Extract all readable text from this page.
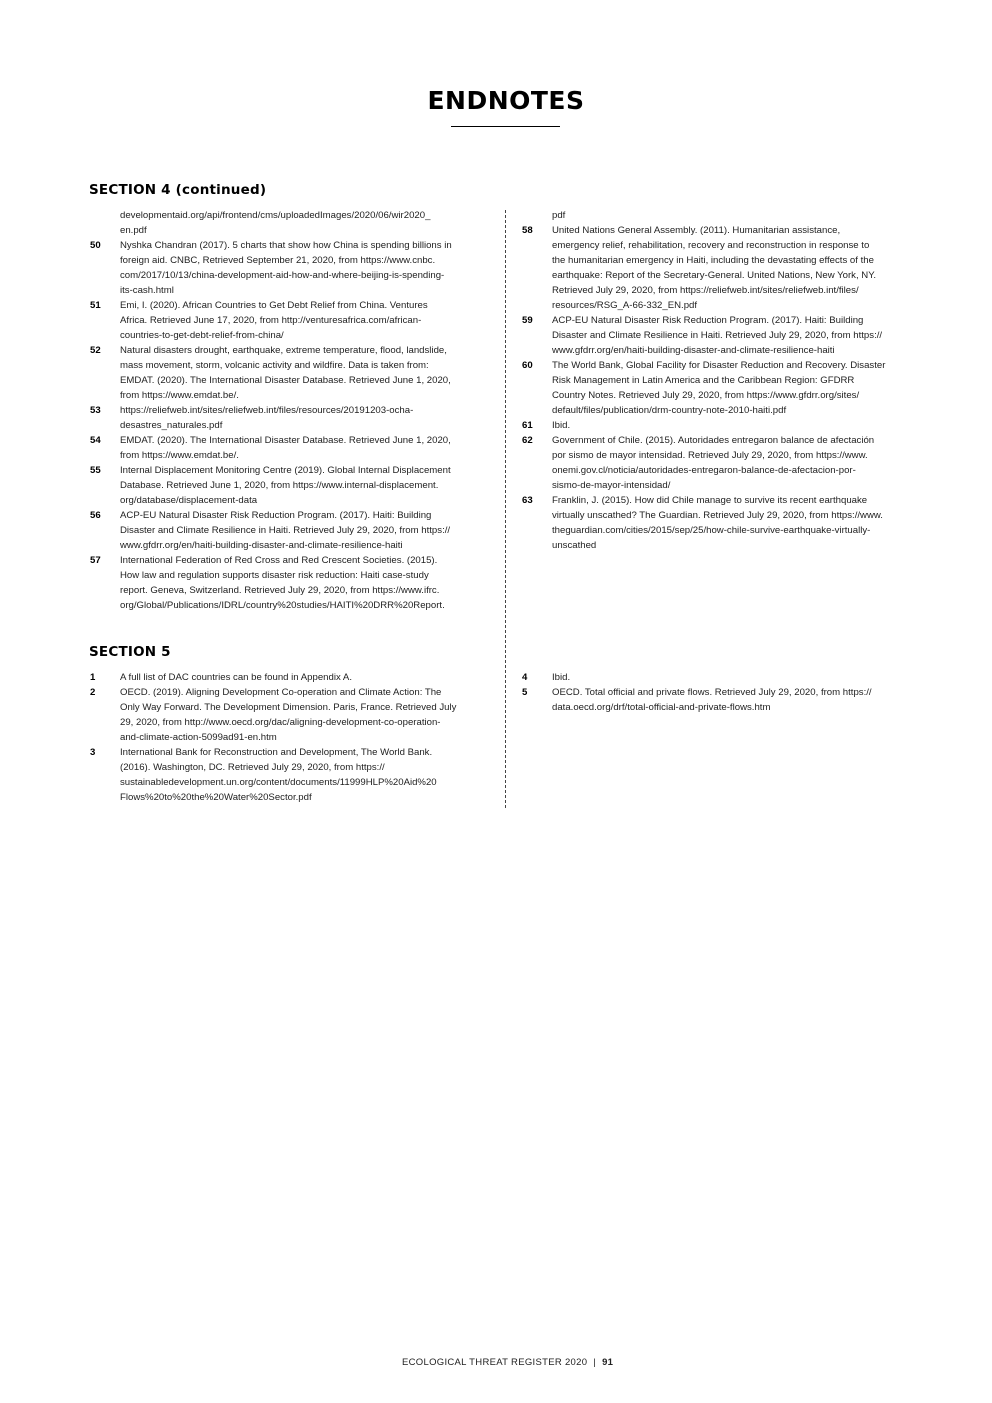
ENDNOTES
SECTION 4 (continued)
developmentaid.org/api/frontend/cms/uploadedImages/2020/06/wir2020_
en.pdf
50 Nyshka Chandran (2017). 5 charts that show how China is spending billions in
foreign aid. CNBC, Retrieved September 21, 2020, from https://www.cnbc.
com/2017/10/13/china-development-aid-how-and-where-beijing-is-spending-
its-cash.html
51 Emi, I. (2020). African Countries to Get Debt Relief from China. Ventures
Africa. Retrieved June 17, 2020, from http://venturesafrica.com/african-
countries-to-get-debt-relief-from-china/
52 Natural disasters drought, earthquake, extreme temperature, flood, landslide,
mass movement, storm, volcanic activity and wildfire. Data is taken from:
EMDAT. (2020). The International Disaster Database. Retrieved June 1, 2020,
from https://www.emdat.be/.
53 https://reliefweb.int/sites/reliefweb.int/files/resources/20191203-ocha-
desastres_naturales.pdf
54 EMDAT. (2020). The International Disaster Database. Retrieved June 1, 2020,
from https://www.emdat.be/.
55 Internal Displacement Monitoring Centre (2019). Global Internal Displacement
Database. Retrieved June 1, 2020, from https://www.internal-displacement.
org/database/displacement-data
56 ACP-EU Natural Disaster Risk Reduction Program. (2017). Haiti: Building
Disaster and Climate Resilience in Haiti. Retrieved July 29, 2020, from https://
www.gfdrr.org/en/haiti-building-disaster-and-climate-resilience-haiti
57 International Federation of Red Cross and Red Crescent Societies. (2015).
How law and regulation supports disaster risk reduction: Haiti case-study
report. Geneva, Switzerland. Retrieved July 29, 2020, from https://www.ifrc.
org/Global/Publications/IDRL/country%20studies/HAITI%20DRR%20Report.
pdf
58 United Nations General Assembly. (2011). Humanitarian assistance,
emergency relief, rehabilitation, recovery and reconstruction in response to
the humanitarian emergency in Haiti, including the devastating effects of the
earthquake: Report of the Secretary-General. United Nations, New York, NY.
Retrieved July 29, 2020, from https://reliefweb.int/sites/reliefweb.int/files/
resources/RSG_A-66-332_EN.pdf
59 ACP-EU Natural Disaster Risk Reduction Program. (2017). Haiti: Building
Disaster and Climate Resilience in Haiti. Retrieved July 29, 2020, from https://
www.gfdrr.org/en/haiti-building-disaster-and-climate-resilience-haiti
60 The World Bank, Global Facility for Disaster Reduction and Recovery. Disaster
Risk Management in Latin America and the Caribbean Region: GFDRR
Country Notes. Retrieved July 29, 2020, from https://www.gfdrr.org/sites/
default/files/publication/drm-country-note-2010-haiti.pdf
61 Ibid.
62 Government of Chile. (2015). Autoridades entregaron balance de afectación
por sismo de mayor intensidad. Retrieved July 29, 2020, from https://www.
onemi.gov.cl/noticia/autoridades-entregaron-balance-de-afectacion-por-
sismo-de-mayor-intensidad/
63 Franklin, J. (2015). How did Chile manage to survive its recent earthquake
virtually unscathed? The Guardian. Retrieved July 29, 2020, from https://www.
theguardian.com/cities/2015/sep/25/how-chile-survive-earthquake-virtually-
unscathed
SECTION 5
1	A full list of DAC countries can be found in Appendix A.
2	OECD. (2019). Aligning Development Co-operation and Climate Action: The
Only Way Forward. The Development Dimension. Paris, France. Retrieved July
29, 2020, from http://www.oecd.org/dac/aligning-development-co-operation-
and-climate-action-5099ad91-en.htm
3	International Bank for Reconstruction and Development, The World Bank.
(2016). Washington, DC. Retrieved July 29, 2020, from https://
sustainabledevelopment.un.org/content/documents/11999HLP%20Aid%20
Flows%20to%20the%20Water%20Sector.pdf
4	Ibid.
5	OECD. Total official and private flows. Retrieved July 29, 2020, from https://
data.oecd.org/drf/total-official-and-private-flows.htm
ECOLOGICAL THREAT REGISTER 2020 | 91
